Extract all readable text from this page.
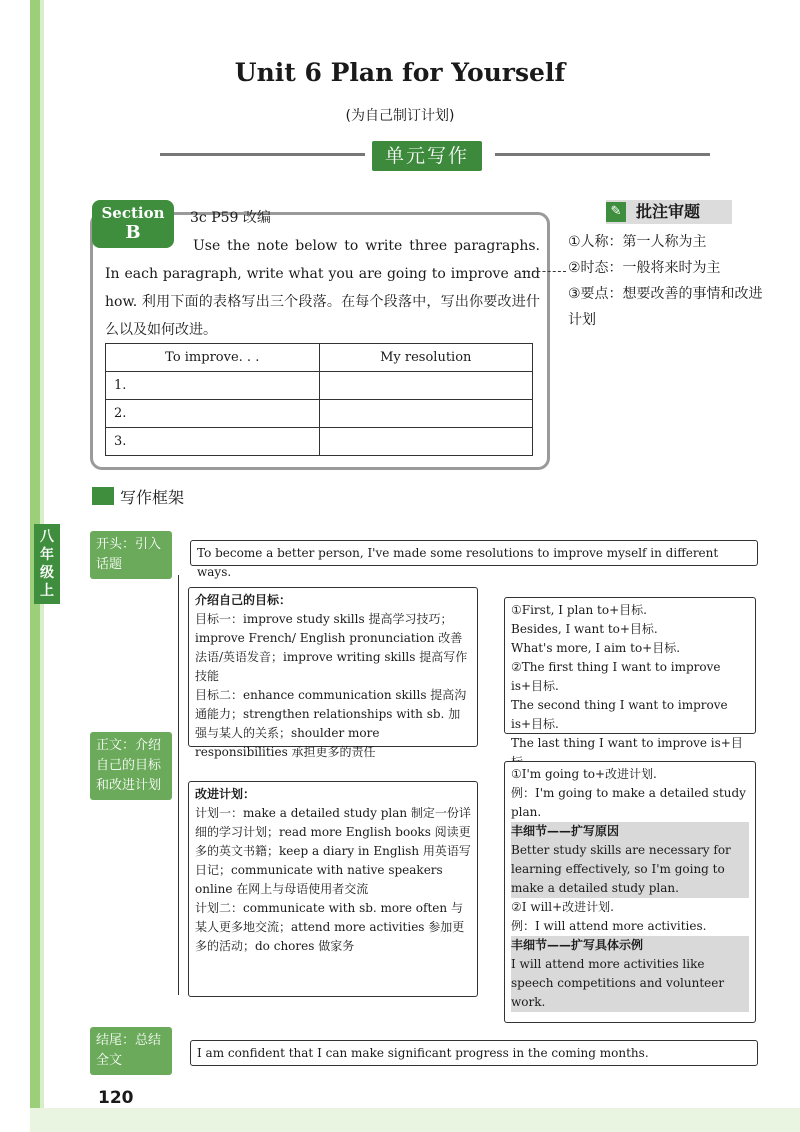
Unit 6 Plan for Yourself
(为自己制订计划)
单元写作
Section
B
3c P59 改编
Use the note below to write three paragraphs. In each paragraph, write what you are going to improve and how. 利用下面的表格写出三个段落。在每个段落中，写出你要改进什么以及如何改进。
To improve. . .	My resolution
1.	
2.	
3.	
批注审题
✎
①人称：第一人称为主
②时态：一般将来时为主
③要点：想要改善的事情和改进计划
写作框架
八年级上
开头：引入话题
正文：介绍自己的目标和改进计划
结尾：总结全文
To become a better person, I've made some resolutions to improve myself in different ways.
介绍自己的目标：
目标一：improve study skills 提高学习技巧；improve French/ English pronunciation 改善法语/英语发音；improve writing skills 提高写作技能
目标二：enhance communication skills 提高沟通能力；strengthen relationships with sb. 加强与某人的关系；shoulder more responsibilities 承担更多的责任
①First, I plan to+目标.
Besides, I want to+目标.
What's more, I aim to+目标.
②The first thing I want to improve is+目标.
The second thing I want to improve is+目标.
The last thing I want to improve is+目
改进计划：
计划一：make a detailed study plan 制定一份详细的学习计划；read more English books 阅读更多的英文书籍；keep a diary in English 用英语写日记；communicate with native speakers online 在网上与母语使用者交流
计划二：communicate with sb. more often 与某人更多地交流；attend more activities 参加更多的活动；do chores 做家务
①I'm going to+改进计划.
例：I'm going to make a detailed study plan.
丰细节——扩写原因
Better study skills are necessary for learning effectively, so I'm going to make a detailed study plan.
②I will+改进计划.
例：I will attend more activities.
丰细节——扩写具体示例
I will attend more activities like speech competitions and volunteer work.
I am confident that I can make significant progress in the coming months.
120
